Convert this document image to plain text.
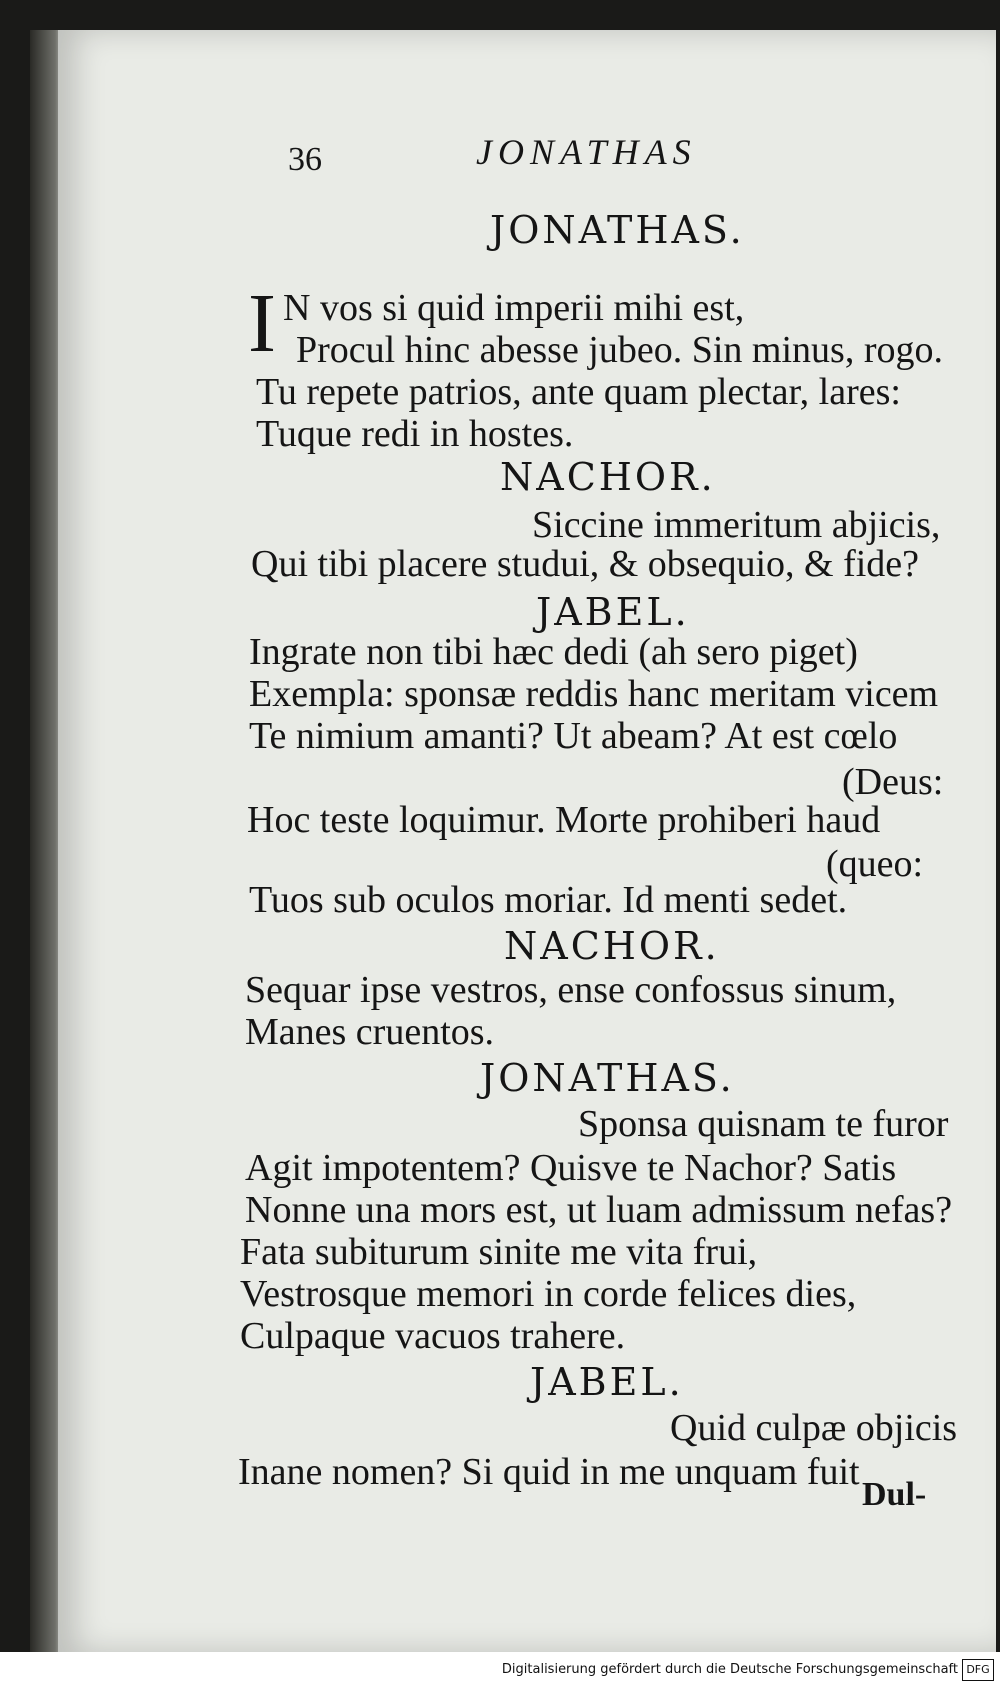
36	JONATHAS
I
JONATHAS.
N vos si quid imperii mihi est,
Procul hinc abesse jubeo. Sin minus, rogo.
Tu repete patrios, ante quam plectar, lares:
Tuque redi in hostes.
NACHOR.
Siccine immeritum abjicis,
Qui tibi placere studui, & obsequio, & fide?
JABEL.
Ingrate non tibi hæc dedi (ah sero piget)
Exempla: sponsæ reddis hanc meritam vicem
Te nimium amanti? Ut abeam? At est cœlo
(Deus:
Hoc teste loquimur. Morte prohiberi haud
(queo:
Tuos sub oculos moriar. Id menti sedet.
NACHOR.
Sequar ipse vestros, ense confossus sinum,
Manes cruentos.
JONATHAS.
Sponsa quisnam te furor
Agit impotentem? Quisve te Nachor? Satis
Nonne una mors est, ut luam admissum nefas?
Fata subiturum sinite me vita frui,
Vestrosque memori in corde felices dies,
Culpaque vacuos trahere.
JABEL.
Quid culpæ objicis
Inane nomen? Si quid in me unquam fuit
Dul-
Digitalisierung gefördert durch die Deutsche Forschungsgemeinschaft DFG
